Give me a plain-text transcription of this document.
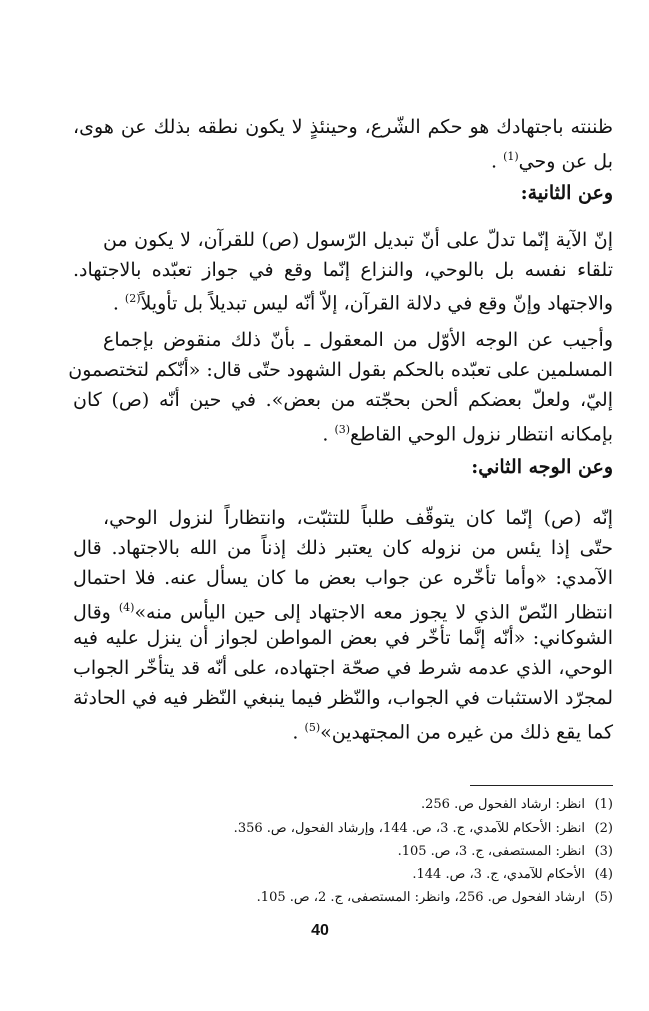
ظننته باجتهادك هو حكم الشّرع، وحينئذٍ لا يكون نطقه بذلك عن هوى،
بل عن وحي$^{(1)}$ .
وعن الثانية:
إنّ الآية إنّما تدلّ على أنّ تبديل الرّسول (ص) للقرآن، لا يكون من
تلقاء نفسه بل بالوحي، والنزاع إنّما وقع في جواز تعبّده بالاجتهاد.
والاجتهاد وإنّ وقع في دلالة القرآن، إلاّ أنّه ليس تبديلاً بل تأويلاً$^{(2)}$ .
وأجيب عن الوجه الأوّل من المعقول ـ بأنّ ذلك منقوض بإجماع
المسلمين على تعبّده بالحكم بقول الشهود حتّى قال: «أنّكم لتختصمون
إليّ، ولعلّ بعضكم ألحن بحجّته من بعض». في حين أنّه (ص) كان
بإمكانه انتظار نزول الوحي القاطع$^{(3)}$ .
وعن الوجه الثاني:
إنّه (ص) إنّما كان يتوقّف طلباً للتثبّت، وانتظاراً لنزول الوحي،
حتّى إذا يئس من نزوله كان يعتبر ذلك إذناً من الله بالاجتهاد. قال
الآمدي: «وأما تأخّره عن جواب بعض ما كان يسأل عنه. فلا احتمال
انتظار النّصّ الذي لا يجوز معه الاجتهاد إلى حين اليأس منه»$^{(4)}$ وقال
الشوكاني: «أنّه إنَّما تأخّر في بعض المواطن لجواز أن ينزل عليه فيه
الوحي، الذي عدمه شرط في صحّة اجتهاده، على أنّه قد يتأخّر الجواب
لمجرّد الاستثبات في الجواب، والنّظر فيما ينبغي النّظر فيه في الحادثة
كما يقع ذلك من غيره من المجتهدين»$^{(5)}$ .
(1)انظر: ارشاد الفحول ص. 256.
(2)انظر: الأحكام للآمدي، ج. 3، ص. 144، وإرشاد الفحول، ص. 356.
(3)انظر: المستصفى، ج. 3، ص. 105.
(4)الأحكام للآمدي، ج. 3، ص. 144.
(5)ارشاد الفحول ص. 256، وانظر: المستصفى، ج. 2، ص. 105.
40
